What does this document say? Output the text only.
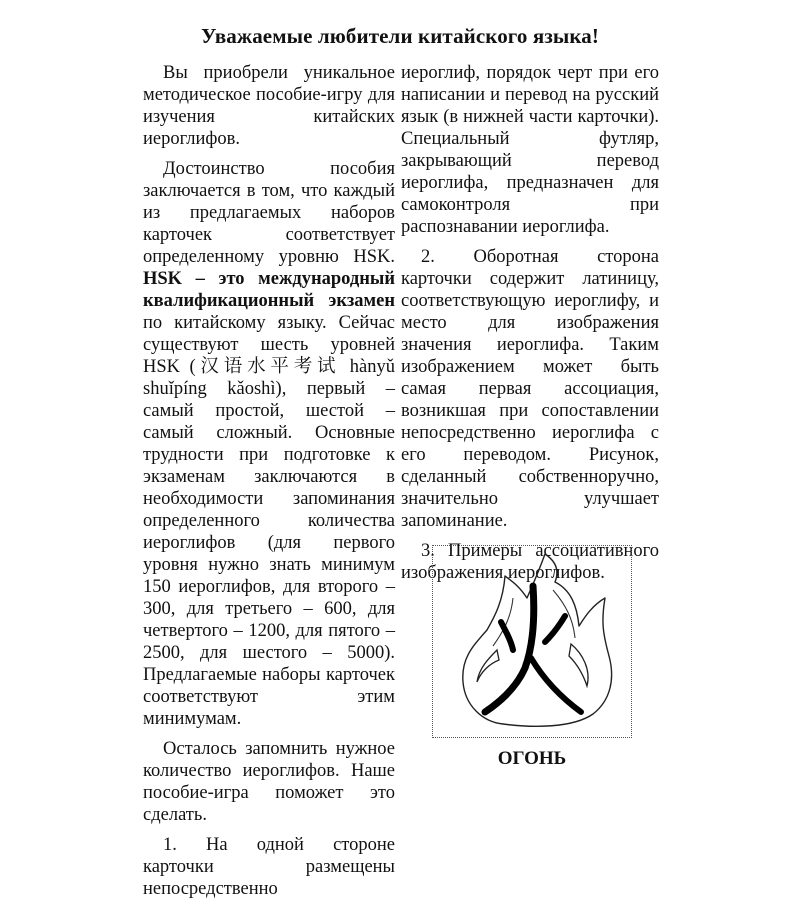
Уважаемые любители китайского языка!

Вы приобрели уникальное методическое пособие-игру для изучения китайских иероглифов.

Достоинство пособия заключается в том, что каждый из предлагаемых наборов карточек соответствует определенному уровню HSK. HSK – это международный квалификационный экзамен по китайскому языку. Сейчас существуют шесть уровней HSK (汉语水平考试 hànyǔ shuǐpíng kǎoshì), первый – самый простой, шестой – самый сложный. Основные трудности при подготовке к экзаменам заключаются в необходимости запоминания определенного количества иероглифов (для первого уровня нужно знать минимум 150 иероглифов, для второго – 300, для третьего – 600, для четвертого – 1200, для пятого – 2500, для шестого – 5000). Предлагаемые наборы карточек соответствуют этим минимумам.

Осталось запомнить нужное количество иероглифов. Наше пособие-игра поможет это сделать.

1. На одной стороне карточки размещены непосредственно

иероглиф, порядок черт при его написании и перевод на русский язык (в нижней части карточки). Специальный футляр, закрывающий перевод иероглифа, предназначен для самоконтроля при распознавании иероглифа.

2. Оборотная сторона карточки содержит латиницу, соответствующую иероглифу, и место для изображения значения иероглифа. Таким изображением может быть самая первая ассоциация, возникшая при сопоставлении непосредственно иероглифа с его переводом. Рисунок, сделанный собственноручно, значительно улучшает запоминание.

3. Примеры ассоциативного изображения иероглифов.

ОГОНЬ
